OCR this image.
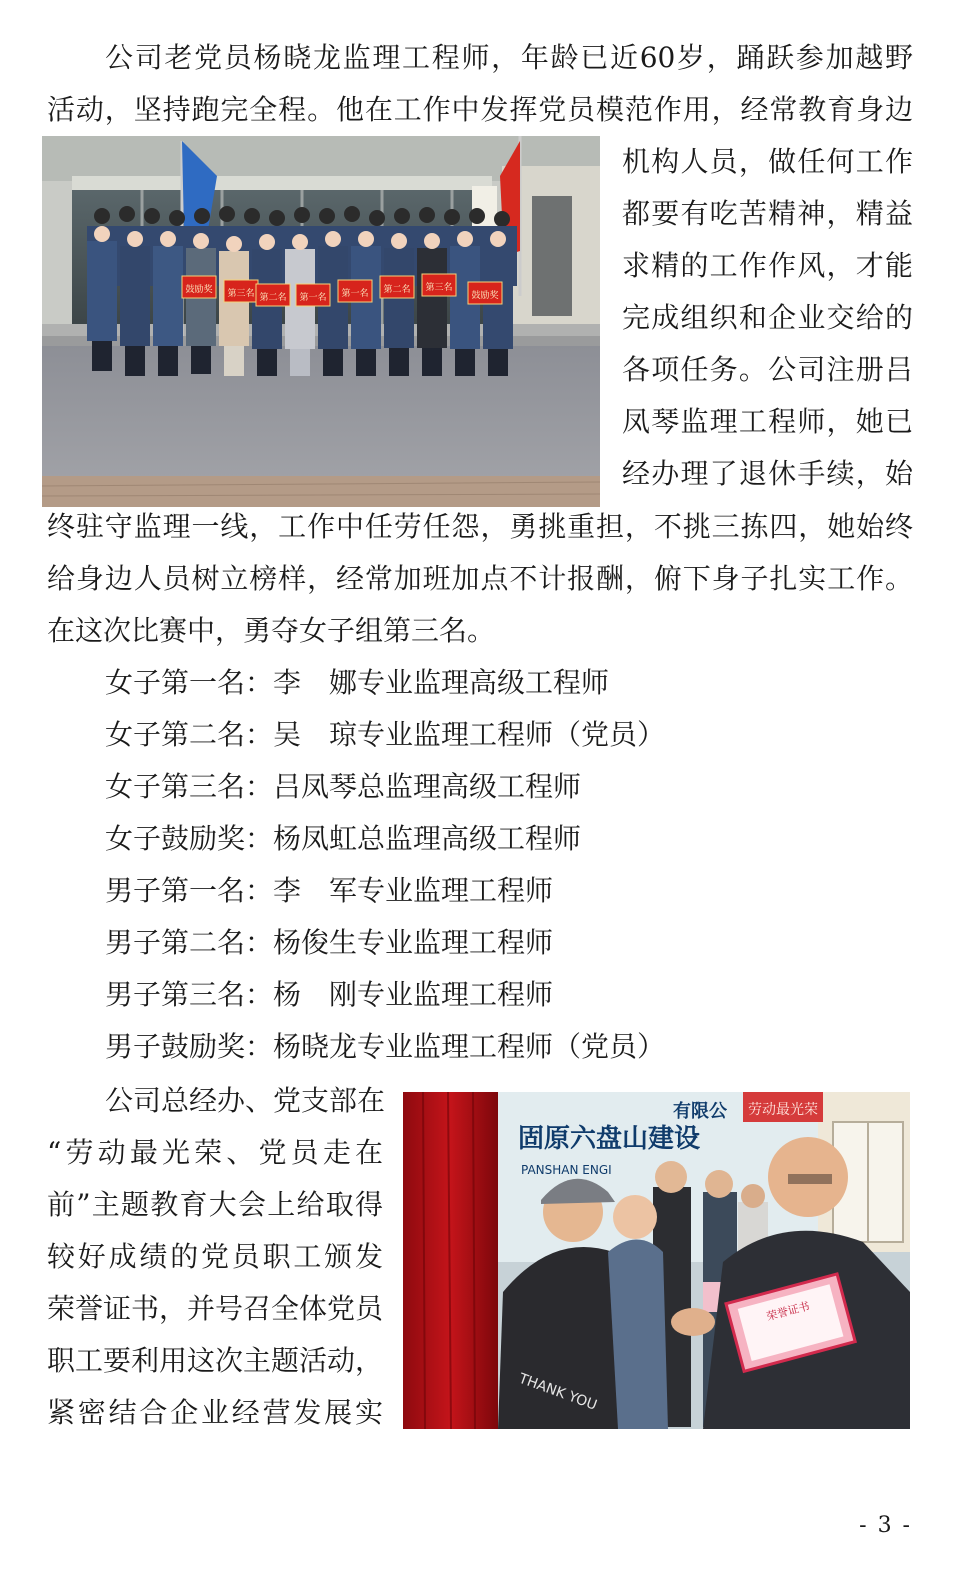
公司老党员杨晓龙监理工程师，年龄已近60岁，踊跃参加越野
活动，坚持跑完全程。他在工作中发挥党员模范作用，经常教育身边
机构人员，做任何工作
都要有吃苦精神，精益
求精的工作作风，才能
完成组织和企业交给的
各项任务。公司注册吕
凤琴监理工程师，她已
经办理了退休手续，始
终驻守监理一线，工作中任劳任怨，勇挑重担，不挑三拣四，她始终
给身边人员树立榜样，经常加班加点不计报酬，俯下身子扎实工作。
在这次比赛中，勇夺女子组第三名。
女子第一名：李　娜专业监理高级工程师
女子第二名：吴　琼专业监理工程师（党员）
女子第三名：吕凤琴总监理高级工程师
女子鼓励奖：杨凤虹总监理高级工程师
男子第一名：李　军专业监理工程师
男子第二名：杨俊生专业监理工程师
男子第三名：杨　刚专业监理工程师
男子鼓励奖：杨晓龙专业监理工程师（党员）
公司总经办、党支部在
“劳动最光荣、党员走在
前”主题教育大会上给取得
较好成绩的党员职工颁发
荣誉证书，并号召全体党员
职工要利用这次主题活动，
紧密结合企业经营发展实
鼓励奖 第三名 第二名 第一名 第一名 第二名 第三名
鼓励奖
固原六盘山建设
有限公
PANSHAN ENGI
劳动最光荣
THANK YOU
荣誉证书
- 3 -
